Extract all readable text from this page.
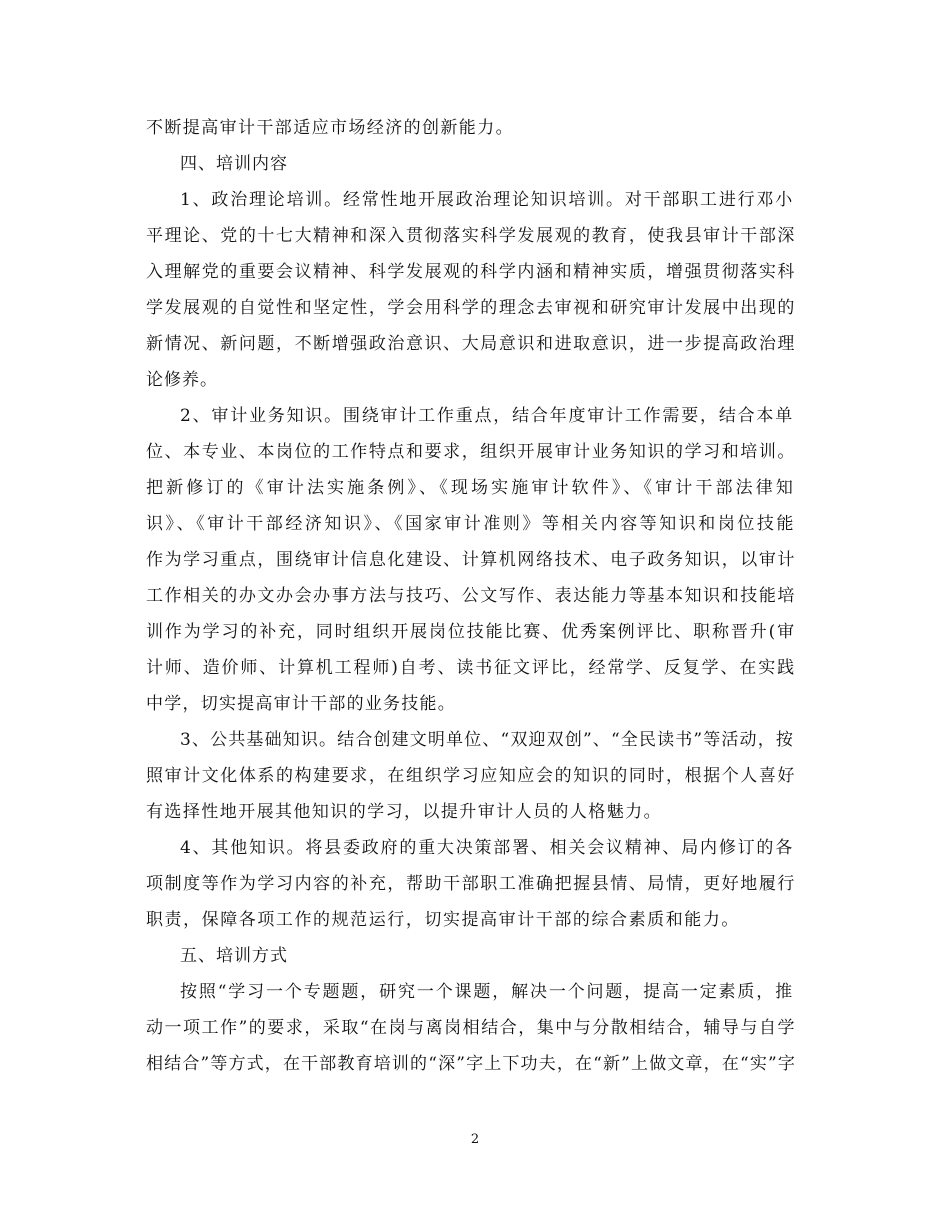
不断提高审计干部适应市场经济的创新能力。
四、培训内容
1、政治理论培训。经常性地开展政治理论知识培训。对干部职工进行邓小
平理论、党的十七大精神和深入贯彻落实科学发展观的教育，使我县审计干部深
入理解党的重要会议精神、科学发展观的科学内涵和精神实质，增强贯彻落实科
学发展观的自觉性和坚定性，学会用科学的理念去审视和研究审计发展中出现的
新情况、新问题，不断增强政治意识、大局意识和进取意识，进一步提高政治理
论修养。
2、审计业务知识。围绕审计工作重点，结合年度审计工作需要，结合本单
位、本专业、本岗位的工作特点和要求，组织开展审计业务知识的学习和培训。
把新修订的《审计法实施条例》、《现场实施审计软件》、《审计干部法律知
识》、《审计干部经济知识》、《国家审计准则》等相关内容等知识和岗位技能
作为学习重点，围绕审计信息化建设、计算机网络技术、电子政务知识，以审计
工作相关的办文办会办事方法与技巧、公文写作、表达能力等基本知识和技能培
训作为学习的补充，同时组织开展岗位技能比赛、优秀案例评比、职称晋升(审
计师、造价师、计算机工程师)自考、读书征文评比，经常学、反复学、在实践
中学，切实提高审计干部的业务技能。
3、公共基础知识。结合创建文明单位、“双迎双创”、“全民读书”等活动，按
照审计文化体系的构建要求，在组织学习应知应会的知识的同时，根据个人喜好
有选择性地开展其他知识的学习，以提升审计人员的人格魅力。
4、其他知识。将县委政府的重大决策部署、相关会议精神、局内修订的各
项制度等作为学习内容的补充，帮助干部职工准确把握县情、局情，更好地履行
职责，保障各项工作的规范运行，切实提高审计干部的综合素质和能力。
五、培训方式
按照“学习一个专题题，研究一个课题，解决一个问题，提高一定素质，推
动一项工作”的要求，采取“在岗与离岗相结合，集中与分散相结合，辅导与自学
相结合”等方式，在干部教育培训的“深”字上下功夫，在“新”上做文章，在“实”字
2
